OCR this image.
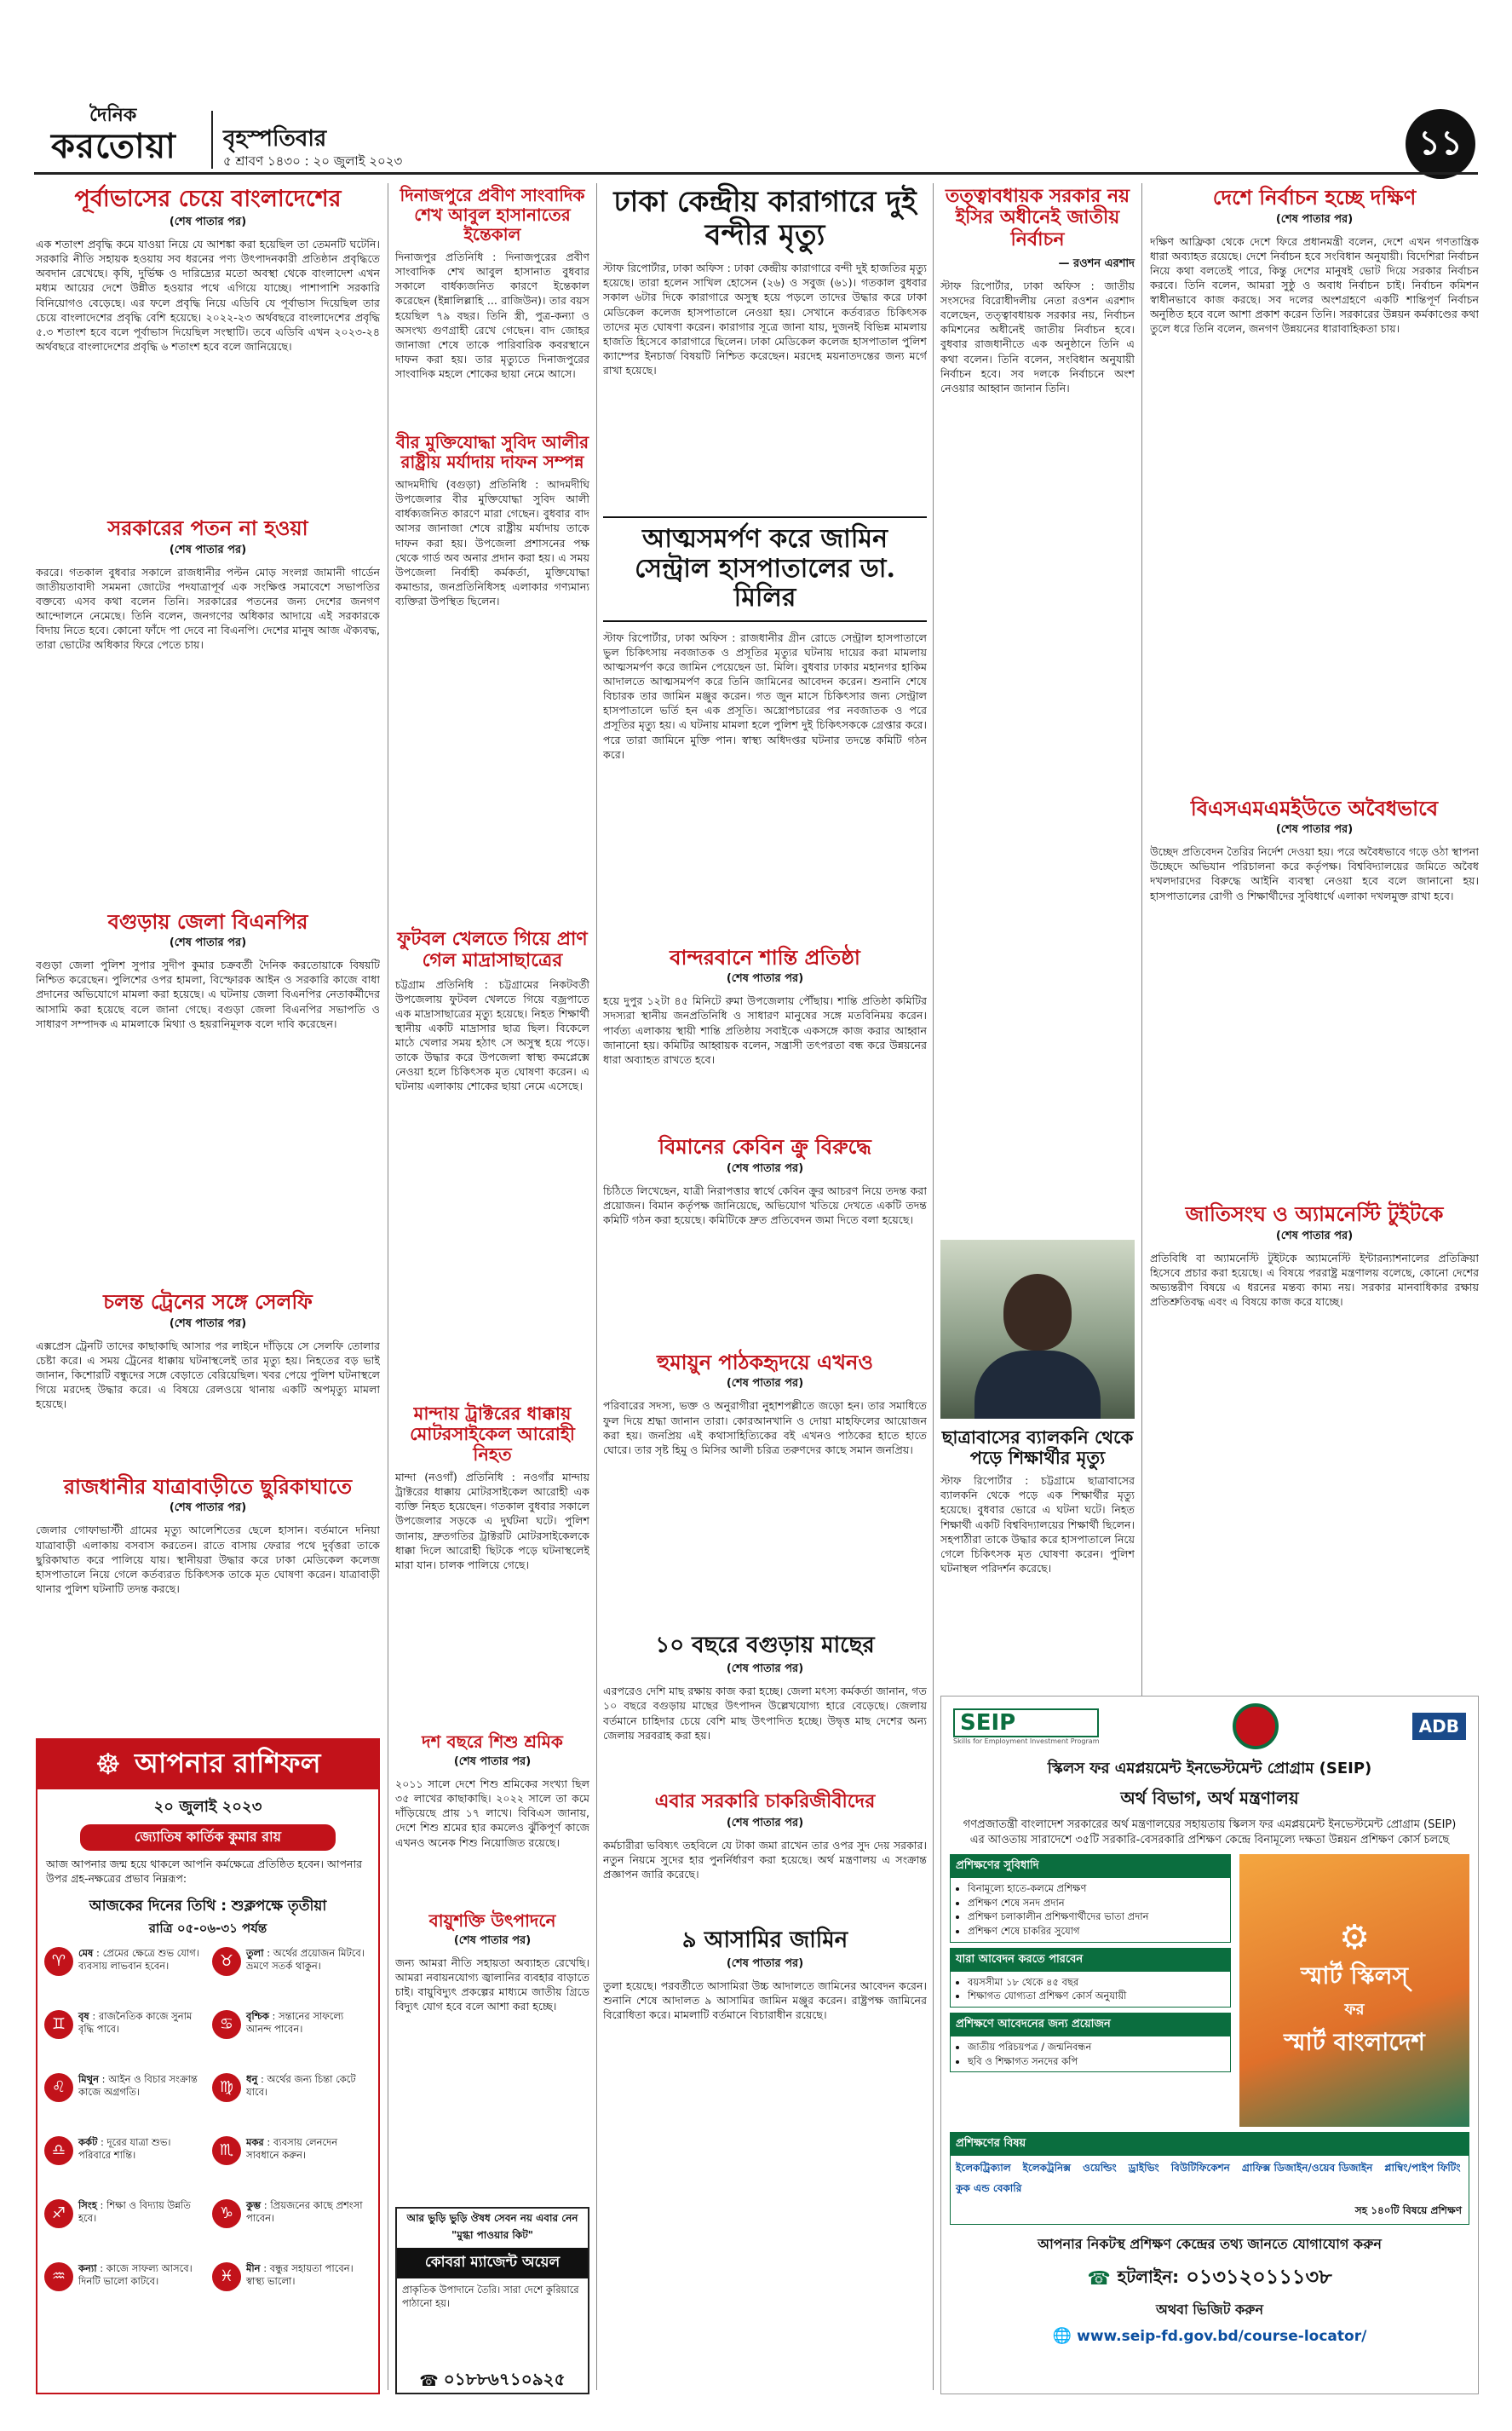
দৈনিক
করতোয়া বৃহস্পতিবার
৫ শ্রাবণ ১৪৩০ : ২০ জুলাই ২০২৩	১১
পূর্বাভাসের চেয়ে বাংলাদেশের
(শেষ পাতার পর)

এক শতাংশ প্রবৃদ্ধি কমে যাওয়া নিয়ে যে আশঙ্কা করা হয়েছিল তা তেমনটি ঘটেনি। সরকারি নীতি সহায়ক হওয়ায় সব ধরনের পণ্য উৎপাদনকারী প্রতিষ্ঠান প্রবৃদ্ধিতে অবদান রেখেছে। কৃষি, দুর্ভিক্ষ ও দারিদ্র্যের মতো অবস্থা থেকে বাংলাদেশ এখন মধ্যম আয়ের দেশে উন্নীত হওয়ার পথে এগিয়ে যাচ্ছে। পাশাপাশি সরকারি বিনিয়োগও বেড়েছে। এর ফলে প্রবৃদ্ধি নিয়ে এডিবি যে পূর্বাভাস দিয়েছিল তার চেয়ে বাংলাদেশের প্রবৃদ্ধি বেশি হয়েছে। ২০২২-২৩ অর্থবছরে বাংলাদেশের প্রবৃদ্ধি ৫.৩ শতাংশ হবে বলে পূর্বাভাস দিয়েছিল সংস্থাটি। তবে এডিবি এখন ২০২৩-২৪ অর্থবছরে বাংলাদেশের প্রবৃদ্ধি ৬ শতাংশ হবে বলে জানিয়েছে।

সরকারের পতন না হওয়া
(শেষ পাতার পর)

কররে। গতকাল বুধবার সকালে রাজধানীর পল্টন মোড় সংলগ্ন জামানী গার্ডেন জাতীয়তাবাদী সমমনা জোটের পদযাত্রাপূর্ব এক সংক্ষিপ্ত সমাবেশে সভাপতির বক্তব্যে এসব কথা বলেন তিনি। সরকারের পতনের জন্য দেশের জনগণ আন্দোলনে নেমেছে। তিনি বলেন, জনগণের অধিকার আদায়ে এই সরকারকে বিদায় নিতে হবে। কোনো ফাঁদে পা দেবে না বিএনপি। দেশের মানুষ আজ ঐক্যবদ্ধ, তারা ভোটের অধিকার ফিরে পেতে চায়।

বগুড়ায় জেলা বিএনপির
(শেষ পাতার পর)

বগুড়া জেলা পুলিশ সুপার সুদীপ কুমার চক্রবর্তী দৈনিক করতোয়াকে বিষয়টি নিশ্চিত করেছেন। পুলিশের ওপর হামলা, বিস্ফোরক আইন ও সরকারি কাজে বাধা প্রদানের অভিযোগে মামলা করা হয়েছে। এ ঘটনায় জেলা বিএনপির নেতাকর্মীদের আসামি করা হয়েছে বলে জানা গেছে। বগুড়া জেলা বিএনপির সভাপতি ও সাধারণ সম্পাদক এ মামলাকে মিথ্যা ও হয়রানিমূলক বলে দাবি করেছেন।

চলন্ত ট্রেনের সঙ্গে সেলফি
(শেষ পাতার পর)

এক্সপ্রেস ট্রেনটি তাদের কাছাকাছি আসার পর লাইনে দাঁড়িয়ে সে সেলফি তোলার চেষ্টা করে। এ সময় ট্রেনের ধাক্কায় ঘটনাস্থলেই তার মৃত্যু হয়। নিহতের বড় ভাই জানান, কিশোরটি বন্ধুদের সঙ্গে বেড়াতে বেরিয়েছিল। খবর পেয়ে পুলিশ ঘটনাস্থলে গিয়ে মরদেহ উদ্ধার করে। এ বিষয়ে রেলওয়ে থানায় একটি অপমৃত্যু মামলা হয়েছে।

রাজধানীর যাত্রাবাড়ীতে ছুরিকাঘাতে
(শেষ পাতার পর)

জেলার গোফাভাস্টী গ্রামের মৃত্যু আলেশিতের ছেলে হাসান। বর্তমানে দনিয়া যাত্রাবাড়ী এলাকায় বসবাস করতেন। রাতে বাসায় ফেরার পথে দুর্বৃত্তরা তাকে ছুরিকাঘাত করে পালিয়ে যায়। স্থানীয়রা উদ্ধার করে ঢাকা মেডিকেল কলেজ হাসপাতালে নিয়ে গেলে কর্তব্যরত চিকিৎসক তাকে মৃত ঘোষণা করেন। যাত্রাবাড়ী থানার পুলিশ ঘটনাটি তদন্ত করছে।

☸ আপনার রাশিফল
২০ জুলাই ২০২৩
জ্যোতিষ কার্তিক কুমার রায়
আজ আপনার জন্ম হয়ে থাকলে আপনি কর্মক্ষেত্রে প্রতিষ্ঠিত হবেন। আপনার উপর গ্রহ-নক্ষত্রের প্রভাব নিম্নরূপ:
আজকের দিনের তিথি : শুক্লপক্ষে তৃতীয়া
রাত্রি ০৫-০৬-৩১ পর্যন্ত
♈	মেষ : প্রেমের ক্ষেত্রে শুভ যোগ। ব্যবসায় লাভবান হবেন।	♉	তুলা : অর্থের প্রয়োজন মিটবে। ভ্রমণে সতর্ক থাকুন।
♊	বৃষ : রাজনৈতিক কাজে সুনাম বৃদ্ধি পাবে।	♋	বৃশ্চিক : সন্তানের সাফল্যে আনন্দ পাবেন।
♌	মিথুন : আইন ও বিচার সংক্রান্ত কাজে অগ্রগতি।	♍	ধনু : অর্থের জন্য চিন্তা কেটে যাবে।
♎	কর্কট : দূরের যাত্রা শুভ। পরিবারে শান্তি।	♏	মকর : ব্যবসায় লেনদেন সাবধানে করুন।
♐	সিংহ : শিক্ষা ও বিদ্যায় উন্নতি হবে।	♑	কুম্ভ : প্রিয়জনের কাছে প্রশংসা পাবেন।
♒	কন্যা : কাজে সাফল্য আসবে। দিনটি ভালো কাটবে।	♓	মীন : বন্ধুর সহায়তা পাবেন। স্বাস্থ্য ভালো।
দিনাজপুরে প্রবীণ সাংবাদিক শেখ আবুল হাসানাতের ইন্তেকাল

দিনাজপুর প্রতিনিধি : দিনাজপুরের প্রবীণ সাংবাদিক শেখ আবুল হাসানাত বুধবার সকালে বার্ধক্যজনিত কারণে ইন্তেকাল করেছেন (ইন্নালিল্লাহি ... রাজিউন)। তার বয়স হয়েছিল ৭৯ বছর। তিনি স্ত্রী, পুত্র-কন্যা ও অসংখ্য গুণগ্রাহী রেখে গেছেন। বাদ জোহর জানাজা শেষে তাকে পারিবারিক কবরস্থানে দাফন করা হয়। তার মৃত্যুতে দিনাজপুরের সাংবাদিক মহলে শোকের ছায়া নেমে আসে।

বীর মুক্তিযোদ্ধা সুবিদ আলীর রাষ্ট্রীয় মর্যাদায় দাফন সম্পন্ন

আদমদীঘি (বগুড়া) প্রতিনিধি : আদমদীঘি উপজেলার বীর মুক্তিযোদ্ধা সুবিদ আলী বার্ধক্যজনিত কারণে মারা গেছেন। বুধবার বাদ আসর জানাজা শেষে রাষ্ট্রীয় মর্যাদায় তাকে দাফন করা হয়। উপজেলা প্রশাসনের পক্ষ থেকে গার্ড অব অনার প্রদান করা হয়। এ সময় উপজেলা নির্বাহী কর্মকর্তা, মুক্তিযোদ্ধা কমান্ডার, জনপ্রতিনিধিসহ এলাকার গণ্যমান্য ব্যক্তিরা উপস্থিত ছিলেন।

ফুটবল খেলতে গিয়ে প্রাণ গেল মাদ্রাসাছাত্রের

চট্টগ্রাম প্রতিনিধি : চট্টগ্রামের নিকটবর্তী উপজেলায় ফুটবল খেলতে গিয়ে বজ্রপাতে এক মাদ্রাসাছাত্রের মৃত্যু হয়েছে। নিহত শিক্ষার্থী স্থানীয় একটি মাদ্রাসার ছাত্র ছিল। বিকেলে মাঠে খেলার সময় হঠাৎ সে অসুস্থ হয়ে পড়ে। তাকে উদ্ধার করে উপজেলা স্বাস্থ্য কমপ্লেক্সে নেওয়া হলে চিকিৎসক মৃত ঘোষণা করেন। এ ঘটনায় এলাকায় শোকের ছায়া নেমে এসেছে।

মান্দায় ট্রাক্টরের ধাক্কায় মোটরসাইকেল আরোহী নিহত

মান্দা (নওগাঁ) প্রতিনিধি : নওগাঁর মান্দায় ট্রাক্টরের ধাক্কায় মোটরসাইকেল আরোহী এক ব্যক্তি নিহত হয়েছেন। গতকাল বুধবার সকালে উপজেলার সড়কে এ দুর্ঘটনা ঘটে। পুলিশ জানায়, দ্রুতগতির ট্রাক্টরটি মোটরসাইকেলকে ধাক্কা দিলে আরোহী ছিটকে পড়ে ঘটনাস্থলেই মারা যান। চালক পালিয়ে গেছে।

দশ বছরে শিশু শ্রমিক
(শেষ পাতার পর)

২০১১ সালে দেশে শিশু শ্রমিকের সংখ্যা ছিল ৩৫ লাখের কাছাকাছি। ২০২২ সালে তা কমে দাঁড়িয়েছে প্রায় ১৭ লাখে। বিবিএস জানায়, দেশে শিশু শ্রমের হার কমলেও ঝুঁকিপূর্ণ কাজে এখনও অনেক শিশু নিয়োজিত রয়েছে।

বায়ুশক্তি উৎপাদনে
(শেষ পাতার পর)

জন্য আমরা নীতি সহায়তা অব্যাহত রেখেছি। আমরা নবায়নযোগ্য জ্বালানির ব্যবহার বাড়াতে চাই। বায়ুবিদ্যুৎ প্রকল্পের মাধ্যমে জাতীয় গ্রিডে বিদ্যুৎ যোগ হবে বলে আশা করা হচ্ছে।

আর ভুড়ি ভুড়ি ঔষধ সেবন নয় এবার নেন "মুগ্ধা পাওয়ার কিট"
কোবরা ম্যাজেন্ট অয়েল
প্রাকৃতিক উপাদানে তৈরি। সারা দেশে কুরিয়ারে পাঠানো হয়।
☎ ০১৮৮৬৭১০৯২৫
ঢাকা কেন্দ্রীয় কারাগারে দুই বন্দীর মৃত্যু

স্টাফ রিপোর্টার, ঢাকা অফিস : ঢাকা কেন্দ্রীয় কারাগারে বন্দী দুই হাজতির মৃত্যু হয়েছে। তারা হলেন সাখিল হোসেন (২৬) ও সবুজ (৬১)। গতকাল বুধবার সকাল ৬টার দিকে কারাগারে অসুস্থ হয়ে পড়লে তাদের উদ্ধার করে ঢাকা মেডিকেল কলেজ হাসপাতালে নেওয়া হয়। সেখানে কর্তব্যরত চিকিৎসক তাদের মৃত ঘোষণা করেন। কারাগার সূত্রে জানা যায়, দুজনই বিভিন্ন মামলায় হাজতি হিসেবে কারাগারে ছিলেন। ঢাকা মেডিকেল কলেজ হাসপাতাল পুলিশ ক্যাম্পের ইনচার্জ বিষয়টি নিশ্চিত করেছেন। মরদেহ ময়নাতদন্তের জন্য মর্গে রাখা হয়েছে।

আত্মসমর্পণ করে জামিন সেন্ট্রাল হাসপাতালের ডা. মিলির

স্টাফ রিপোর্টার, ঢাকা অফিস : রাজধানীর গ্রীন রোডে সেন্ট্রাল হাসপাতালে ভুল চিকিৎসায় নবজাতক ও প্রসূতির মৃত্যুর ঘটনায় দায়ের করা মামলায় আত্মসমর্পণ করে জামিন পেয়েছেন ডা. মিলি। বুধবার ঢাকার মহানগর হাকিম আদালতে আত্মসমর্পণ করে তিনি জামিনের আবেদন করেন। শুনানি শেষে বিচারক তার জামিন মঞ্জুর করেন। গত জুন মাসে চিকিৎসার জন্য সেন্ট্রাল হাসপাতালে ভর্তি হন এক প্রসূতি। অস্ত্রোপচারের পর নবজাতক ও পরে প্রসূতির মৃত্যু হয়। এ ঘটনায় মামলা হলে পুলিশ দুই চিকিৎসককে গ্রেপ্তার করে। পরে তারা জামিনে মুক্তি পান। স্বাস্থ্য অধিদপ্তর ঘটনার তদন্তে কমিটি গঠন করে।

বান্দরবানে শান্তি প্রতিষ্ঠা
(শেষ পাতার পর)

হয়ে দুপুর ১২টা ৪৫ মিনিটে রুমা উপজেলায় পৌঁছায়। শান্তি প্রতিষ্ঠা কমিটির সদস্যরা স্থানীয় জনপ্রতিনিধি ও সাধারণ মানুষের সঙ্গে মতবিনিময় করেন। পার্বত্য এলাকায় স্থায়ী শান্তি প্রতিষ্ঠায় সবাইকে একসঙ্গে কাজ করার আহ্বান জানানো হয়। কমিটির আহ্বায়ক বলেন, সন্ত্রাসী তৎপরতা বন্ধ করে উন্নয়নের ধারা অব্যাহত রাখতে হবে।

বিমানের কেবিন ক্রু বিরুদ্ধে
(শেষ পাতার পর)

চিঠিতে লিখেছেন, যাত্রী নিরাপত্তার স্বার্থে কেবিন ক্রুর আচরণ নিয়ে তদন্ত করা প্রয়োজন। বিমান কর্তৃপক্ষ জানিয়েছে, অভিযোগ খতিয়ে দেখতে একটি তদন্ত কমিটি গঠন করা হয়েছে। কমিটিকে দ্রুত প্রতিবেদন জমা দিতে বলা হয়েছে।

হুমায়ুন পাঠকহৃদয়ে এখনও
(শেষ পাতার পর)

পরিবারের সদস্য, ভক্ত ও অনুরাগীরা নুহাশপল্লীতে জড়ো হন। তার সমাধিতে ফুল দিয়ে শ্রদ্ধা জানান তারা। কোরআনখানি ও দোয়া মাহফিলের আয়োজন করা হয়। জনপ্রিয় এই কথাসাহিত্যিকের বই এখনও পাঠকের হাতে হাতে ঘোরে। তার সৃষ্ট হিমু ও মিসির আলী চরিত্র তরুণদের কাছে সমান জনপ্রিয়।

১০ বছরে বগুড়ায় মাছের
(শেষ পাতার পর)

এরপরেও দেশি মাছ রক্ষায় কাজ করা হচ্ছে। জেলা মৎস্য কর্মকর্তা জানান, গত ১০ বছরে বগুড়ায় মাছের উৎপাদন উল্লেখযোগ্য হারে বেড়েছে। জেলায় বর্তমানে চাহিদার চেয়ে বেশি মাছ উৎপাদিত হচ্ছে। উদ্বৃত্ত মাছ দেশের অন্য জেলায় সরবরাহ করা হয়।

এবার সরকারি চাকরিজীবীদের
(শেষ পাতার পর)

কর্মচারীরা ভবিষ্যৎ তহবিলে যে টাকা জমা রাখেন তার ওপর সুদ দেয় সরকার। নতুন নিয়মে সুদের হার পুনর্নির্ধারণ করা হয়েছে। অর্থ মন্ত্রণালয় এ সংক্রান্ত প্রজ্ঞাপন জারি করেছে।

৯ আসামির জামিন
(শেষ পাতার পর)

তুলা হয়েছে। পরবর্তীতে আসামিরা উচ্চ আদালতে জামিনের আবেদন করেন। শুনানি শেষে আদালত ৯ আসামির জামিন মঞ্জুর করেন। রাষ্ট্রপক্ষ জামিনের বিরোধিতা করে। মামলাটি বর্তমানে বিচারাধীন রয়েছে।

তত্ত্বাবধায়ক সরকার নয় ইসির অধীনেই জাতীয় নির্বাচন
— রওশন এরশাদ

স্টাফ রিপোর্টার, ঢাকা অফিস : জাতীয় সংসদের বিরোধীদলীয় নেতা রওশন এরশাদ বলেছেন, তত্ত্বাবধায়ক সরকার নয়, নির্বাচন কমিশনের অধীনেই জাতীয় নির্বাচন হবে। বুধবার রাজধানীতে এক অনুষ্ঠানে তিনি এ কথা বলেন। তিনি বলেন, সংবিধান অনুযায়ী নির্বাচন হবে। সব দলকে নির্বাচনে অংশ নেওয়ার আহ্বান জানান তিনি।

ছাত্রাবাসের ব্যালকনি থেকে পড়ে শিক্ষার্থীর মৃত্যু

স্টাফ রিপোর্টার : চট্টগ্রামে ছাত্রাবাসের ব্যালকনি থেকে পড়ে এক শিক্ষার্থীর মৃত্যু হয়েছে। বুধবার ভোরে এ ঘটনা ঘটে। নিহত শিক্ষার্থী একটি বিশ্ববিদ্যালয়ের শিক্ষার্থী ছিলেন। সহপাঠীরা তাকে উদ্ধার করে হাসপাতালে নিয়ে গেলে চিকিৎসক মৃত ঘোষণা করেন। পুলিশ ঘটনাস্থল পরিদর্শন করেছে।

দেশে নির্বাচন হচ্ছে দক্ষিণ
(শেষ পাতার পর)

দক্ষিণ আফ্রিকা থেকে দেশে ফিরে প্রধানমন্ত্রী বলেন, দেশে এখন গণতান্ত্রিক ধারা অব্যাহত রয়েছে। দেশে নির্বাচন হবে সংবিধান অনুযায়ী। বিদেশিরা নির্বাচন নিয়ে কথা বলতেই পারে, কিন্তু দেশের মানুষই ভোট দিয়ে সরকার নির্বাচন করবে। তিনি বলেন, আমরা সুষ্ঠু ও অবাধ নির্বাচন চাই। নির্বাচন কমিশন স্বাধীনভাবে কাজ করছে। সব দলের অংশগ্রহণে একটি শান্তিপূর্ণ নির্বাচন অনুষ্ঠিত হবে বলে আশা প্রকাশ করেন তিনি। সরকারের উন্নয়ন কর্মকাণ্ডের কথা তুলে ধরে তিনি বলেন, জনগণ উন্নয়নের ধারাবাহিকতা চায়।

বিএসএমএমইউতে অবৈধভাবে
(শেষ পাতার পর)

উচ্ছেদ প্রতিবেদন তৈরির নির্দেশ দেওয়া হয়। পরে অবৈধভাবে গড়ে ওঠা স্থাপনা উচ্ছেদে অভিযান পরিচালনা করে কর্তৃপক্ষ। বিশ্ববিদ্যালয়ের জমিতে অবৈধ দখলদারদের বিরুদ্ধে আইনি ব্যবস্থা নেওয়া হবে বলে জানানো হয়। হাসপাতালের রোগী ও শিক্ষার্থীদের সুবিধার্থে এলাকা দখলমুক্ত রাখা হবে।

জাতিসংঘ ও অ্যামনেস্টি টুইটকে
(শেষ পাতার পর)

প্রতিবিধি বা অ্যামনেস্টি টুইটকে অ্যামনেস্টি ইন্টারন্যাশনালের প্রতিক্রিয়া হিসেবে প্রচার করা হয়েছে। এ বিষয়ে পররাষ্ট্র মন্ত্রণালয় বলেছে, কোনো দেশের অভ্যন্তরীণ বিষয়ে এ ধরনের মন্তব্য কাম্য নয়। সরকার মানবাধিকার রক্ষায় প্রতিশ্রুতিবদ্ধ এবং এ বিষয়ে কাজ করে যাচ্ছে।

SEIP
Skills for Employment Investment Program
ADB
স্কিলস ফর এমপ্লয়মেন্ট ইনভেস্টমেন্ট প্রোগ্রাম (SEIP)
অর্থ বিভাগ, অর্থ মন্ত্রণালয়
গণপ্রজাতন্ত্রী বাংলাদেশ সরকারের অর্থ মন্ত্রণালয়ের সহায়তায় স্কিলস ফর এমপ্লয়মেন্ট ইনভেস্টমেন্ট প্রোগ্রাম (SEIP) এর আওতায় সারাদেশে ৩৫টি সরকারি-বেসরকারি প্রশিক্ষণ কেন্দ্রে বিনামূল্যে দক্ষতা উন্নয়ন প্রশিক্ষণ কোর্স চলছে
প্রশিক্ষণের সুবিধাদি
• বিনামূল্যে হাতে-কলমে প্রশিক্ষণ
• প্রশিক্ষণ শেষে সনদ প্রদান
• প্রশিক্ষণ চলাকালীন প্রশিক্ষণার্থীদের ভাতা প্রদান
• প্রশিক্ষণ শেষে চাকরির সুযোগ
যারা আবেদন করতে পারবেন
• বয়সসীমা ১৮ থেকে ৪৫ বছর
• শিক্ষাগত যোগ্যতা প্রশিক্ষণ কোর্স অনুযায়ী
প্রশিক্ষণে আবেদনের জন্য প্রয়োজন
• জাতীয় পরিচয়পত্র / জন্মনিবন্ধন
• ছবি ও শিক্ষাগত সনদের কপি
⚙
স্মার্ট স্কিলস্
ফর
স্মার্ট বাংলাদেশ
প্রশিক্ষণের বিষয়
ইলেকট্রিক্যাল ইলেকট্রনিক্স ওয়েল্ডিং ড্রাইভিং বিউটিফিকেশন গ্রাফিক্স ডিজাইন/ওয়েব ডিজাইন প্লাম্বিং/পাইপ ফিটিং
কুক এন্ড বেকারি
সহ ১৪০টি বিষয়ে প্রশিক্ষণ
আপনার নিকটস্থ প্রশিক্ষণ কেন্দ্রের তথ্য জানতে যোগাযোগ করুন
☎ হটলাইন: ০১৩১২০১১১৩৮
অথবা ভিজিট করুন
🌐 www.seip-fd.gov.bd/course-locator/
